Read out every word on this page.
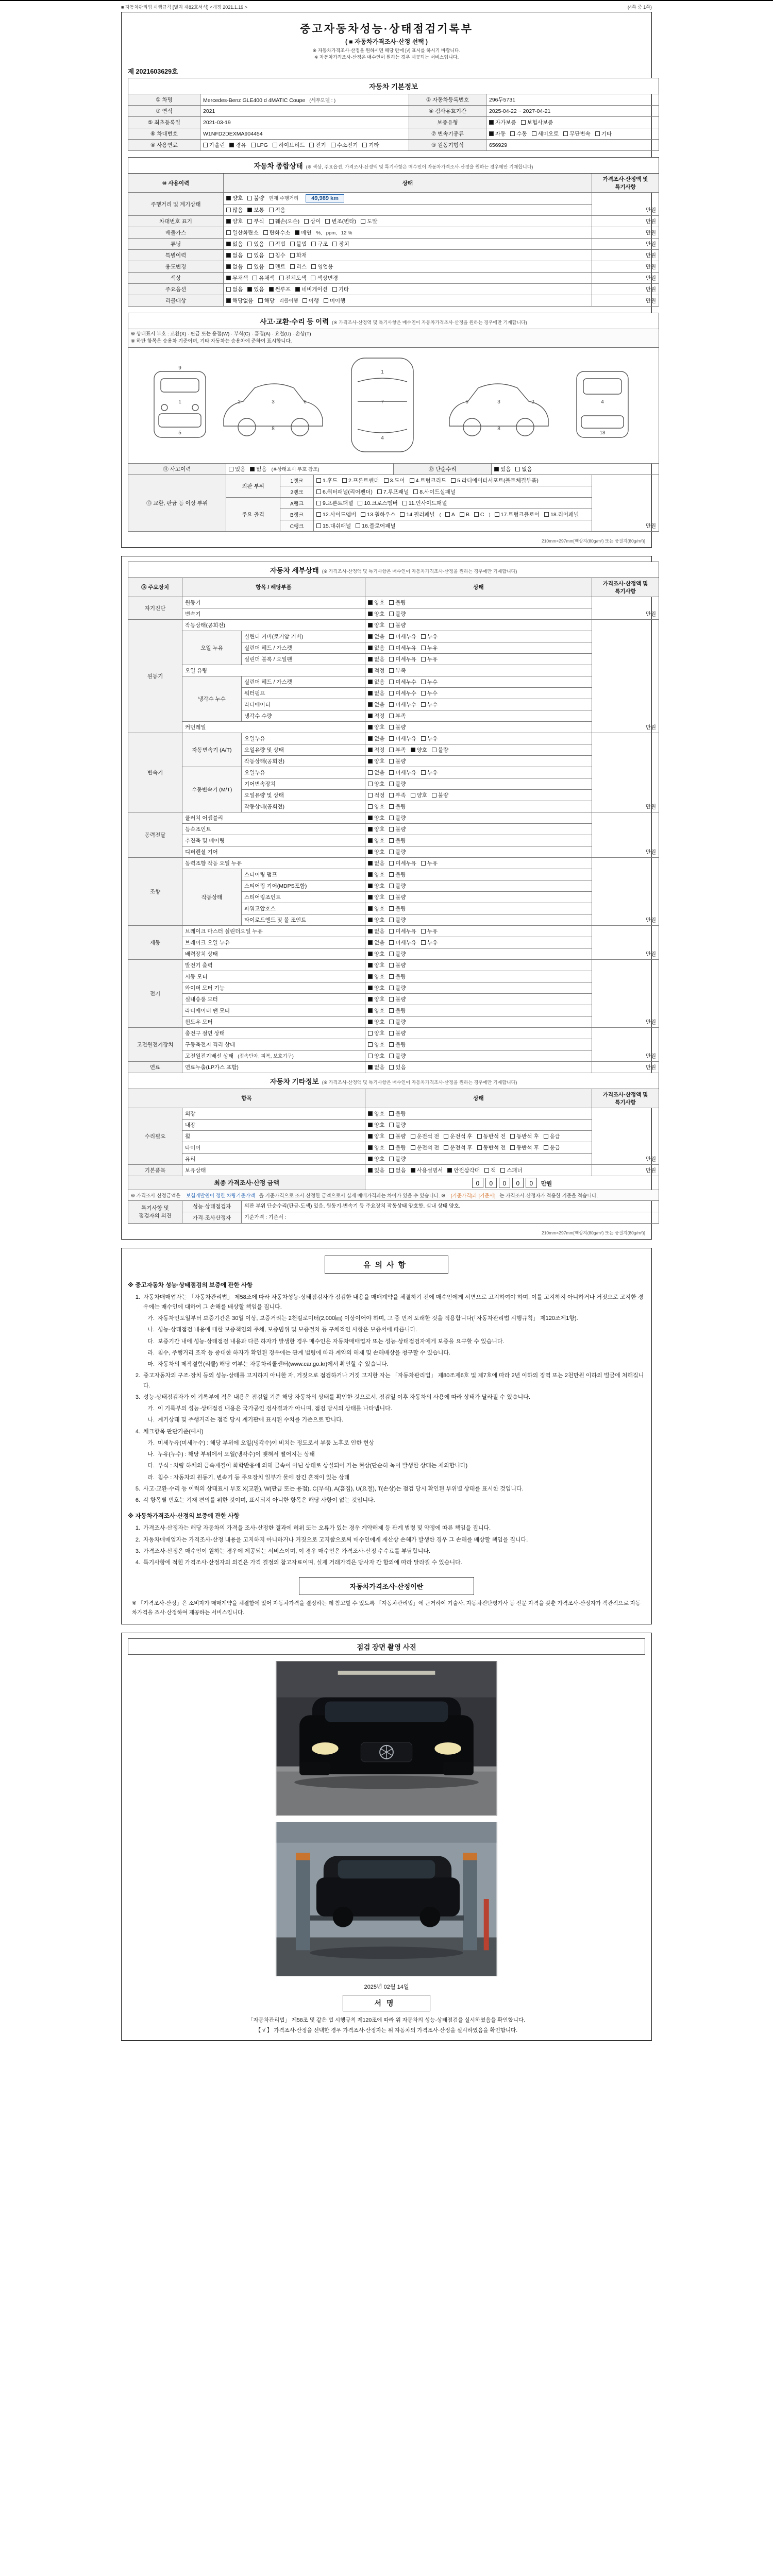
■ 자동차관리법 시행규칙 [별지 제82호서식] <개정 2021.1.19.>	(4쪽 중 1쪽)
중고자동차성능·상태점검기록부
( ■ 자동차가격조사·산정 선택 )
※ 자동차가격조사·산정을 원하시면 해당 란에 [√] 표시를 하시기 바랍니다.
※ 자동차가격조사·산정은 매수인이 원하는 경우 제공되는 서비스입니다.
제 2021603629호
자동차 기본정보			
① 차명	Mercedes-Benz GLE400 d 4MATIC Coupe (세부모델 : )	② 자동차등록번호	296두5731
③ 연식	2021	④ 검사유효기간	2025-04-22 ~ 2027-04-21
⑤ 최초등록일	2021-03-19	보증유형	자가보증 보험사보증
⑥ 차대번호	W1NFD2DEXMA904454	⑦ 변속기종류	자동 수동 세미오토 무단변속 기타
⑧ 사용연료	가솔린 경유 LPG 하이브리드 전기 수소전기 기타	⑨ 원동기형식	656929
자동차 종합상태 (※ 색상, 주요옵션, 가격조사·산정액 및 특기사항은 매수인이 자동차가격조사·산정을 원하는 경우에만 기재합니다)		
⑩ 사용이력	상태	가격조사·산정액 및 특기사항
주행거리 및 계기상태	양호 불량 현재 주행거리 49,989 km	만원
	많음 보통 적음	
차대번호 표기	양호 부식 훼손(오손) 상이 변조(변타) 도말	만원
배출가스	일산화탄소 탄화수소 매연 %, ppm, 12 %	만원
튜닝	없음 있음 적법 불법 구조 장치	만원
특별이력	없음 있음 침수 화재	만원
용도변경	없음 있음 렌트 리스 영업용	만원
색상	무채색 유채색 전체도색 색상변경	만원
주요옵션	없음 있음 썬루프 네비게이션 기타	만원
리콜대상	해당없음 해당 리콜이행 이행 미이행	만원
사고·교환·수리 등 이력 (※ 가격조사·산정액 및 특기사항은 매수인이 자동차가격조사·산정을 원하는 경우에만 기재합니다)

※ 상태표시 부호 : 교환(X) · 판금 또는 용접(W) · 부식(C) · 흠집(A) · 요철(U) · 손상(T)
※ 하단 항목은 승용차 기준이며, 기타 자동차는 승용차에 준하여 표시합니다.

9
1
5
2	3	6
8
1
7
4
2
3
6
8
4
18

⑪ 사고이력	있음 없음 (※상태표시 부호 참조)	⑫ 단순수리	있음 없음
⑬ 교환, 판금 등 이상 부위	외판 부위	1랭크	1.후드 2.프론트펜더 3.도어 4.트렁크리드 5.라디에이터서포트(볼트체결부품)	만원
		2랭크	6.쿼터패널(리어펜더) 7.루프패널 8.사이드실패널	
	주요 골격	A랭크	9.프론트패널 10.크로스멤버 11.인사이드패널	
		B랭크	12.사이드멤버 13.휠하우스 14.필러패널 ( A B C ) 17.트렁크플로어 18.리어패널	
		C랭크	15.대쉬패널 16.플로어패널	
210mm×297mm[백상지(80g/m²) 또는 중질지(80g/m²)]
자동차 세부상태 (※ 가격조사·산정액 및 특기사항은 매수인이 자동차가격조사·산정을 원하는 경우에만 기재합니다)				
⑭ 주요장치	항목 / 해당부품		상태	가격조사·산정액 및 특기사항
자기진단	원동기		양호 불량	만원
	변속기		양호 불량	
원동기	작동상태(공회전)		양호 불량	만원
	오일 누유	실린더 커버(로커암 커버)	없음 미세누유 누유	
		실린더 헤드 / 가스켓	없음 미세누유 누유	
		실린더 블록 / 오일팬	없음 미세누유 누유	
	오일 유량		적정 부족	
	냉각수 누수	실린더 헤드 / 가스켓	없음 미세누수 누수	
		워터펌프	없음 미세누수 누수	
		라디에이터	없음 미세누수 누수	
		냉각수 수량	적정 부족	
	커먼레일		양호 불량	
변속기	자동변속기 (A/T)	오일누유	없음 미세누유 누유	만원
		오일유량 및 상태	적정 부족 양호 불량	
		작동상태(공회전)	양호 불량	
	수동변속기 (M/T)	오일누유	없음 미세누유 누유	
		기어변속장치	양호 불량	
		오일유량 및 상태	적정 부족 양호 불량	
		작동상태(공회전)	양호 불량	
동력전달	클러치 어셈블리		양호 불량	만원
	등속조인트		양호 불량	
	추진축 및 베어링		양호 불량	
	디퍼렌셜 기어		양호 불량	
조향	동력조향 작동 오일 누유		없음 미세누유 누유	만원
	작동상태	스티어링 펌프	양호 불량	
		스티어링 기어(MDPS포함)	양호 불량	
		스티어링조인트	양호 불량	
		파워고압호스	양호 불량	
		타이로드엔드 및 볼 조인트	양호 불량	
제동	브레이크 마스터 실린더오일 누유		없음 미세누유 누유	만원
	브레이크 오일 누유		없음 미세누유 누유	
	배력장치 상태		양호 불량	
전기	발전기 출력		양호 불량	만원
	시동 모터		양호 불량	
	와이퍼 모터 기능		양호 불량	
	실내송풍 모터		양호 불량	
	라디에이터 팬 모터		양호 불량	
	윈도우 모터		양호 불량	
고전원전기장치	충전구 절연 상태		양호 불량	만원
	구동축전지 격리 상태		양호 불량	
	고전원전기배선 상태 (접속단자, 피복, 보호기구)		양호 불량	
연료	연료누출(LP가스 포함)		없음 있음	만원
자동차 기타정보 (※ 가격조사·산정액 및 특기사항은 매수인이 자동차가격조사·산정을 원하는 경우에만 기재합니다)				
항목			상태	가격조사·산정액 및 특기사항
수리필요	외장		양호 불량	만원
	내장		양호 불량	
	휠		양호 불량 운전석 전 운전석 후 동반석 전 동반석 후 응급	
	타이어		양호 불량 운전석 전 운전석 후 동반석 전 동반석 후 응급	
	유리		양호 불량	
기본품목	보유상태		있음 없음 사용설명서 안전삼각대 잭 스패너	만원
최종 가격조사·산정 금액			0 0 0 0 0 만원	
※ 가격조사·산정금액은 보험개발원이 정한 차량기준가액 을 기준가격으로 조사·산정한 금액으로서 실제 매매가격과는 차이가 있을 수 있습니다. ※ [기준가격]과 [기준서] 는 가격조사·산정자가 적용한 기준을 적습니다.				
특기사항 및 점검자의 의견	성능·상태점검자	외판 부위 단순수리(판금·도색) 있음. 원동기·변속기 등 주요장치 작동상태 양호함. 실내 상태 양호.		
	가격·조사산정자	기준가격 : 기준서 :		
210mm×297mm[백상지(80g/m²) 또는 중질지(80g/m²)]
유의사항
※ 중고자동차 성능·상태점검의 보증에 관한 사항
1. 자동차매매업자는 「자동차관리법」 제58조에 따라 자동차성능·상태점검자가 점검한 내용을 매매계약을 체결하기 전에 매수인에게 서면으로 고지하여야 하며, 이를 고지하지 아니하거나 거짓으로 고지한 경우에는 매수인에 대하여 그 손해를 배상할 책임을 집니다.
가. 자동차인도일부터 보증기간은 30일 이상, 보증거리는 2천킬로미터(2,000㎞) 이상이어야 하며, 그 중 먼저 도래한 것을 적용합니다(「자동차관리법 시행규칙」 제120조제1항).
나. 성능·상태점검 내용에 대한 보증책임의 주체, 보증범위 및 보증절차 등 구체적인 사항은 보증서에 따릅니다.
다. 보증기간 내에 성능·상태점검 내용과 다른 하자가 발생한 경우 매수인은 자동차매매업자 또는 성능·상태점검자에게 보증을 요구할 수 있습니다.
라. 침수, 주행거리 조작 등 중대한 하자가 확인된 경우에는 관계 법령에 따라 계약의 해제 및 손해배상을 청구할 수 있습니다.
마. 자동차의 제작결함(리콜) 해당 여부는 자동차리콜센터(www.car.go.kr)에서 확인할 수 있습니다.
2. 중고자동차의 구조·장치 등의 성능·상태를 고지하지 아니한 자, 거짓으로 점검하거나 거짓 고지한 자는 「자동차관리법」 제80조제6호 및 제7호에 따라 2년 이하의 징역 또는 2천만원 이하의 벌금에 처해집니다.
3. 성능·상태점검자가 이 기록부에 적은 내용은 점검일 기준 해당 자동차의 상태를 확인한 것으로서, 점검일 이후 자동차의 사용에 따라 상태가 달라질 수 있습니다.
가. 이 기록부의 성능·상태점검 내용은 국가공인 검사결과가 아니며, 점검 당시의 상태를 나타냅니다.
나. 계기상태 및 주행거리는 점검 당시 계기판에 표시된 수치를 기준으로 합니다.
4. 체크항목 판단기준(예시)
가. 미세누유(미세누수) : 해당 부위에 오일(냉각수)이 비치는 정도로서 부품 노후로 인한 현상
나. 누유(누수) : 해당 부위에서 오일(냉각수)이 맺혀서 떨어지는 상태
다. 부식 : 차량 하체의 금속재질이 화학반응에 의해 금속이 아닌 상태로 상실되어 가는 현상(단순히 녹이 발생한 상태는 제외합니다)
라. 침수 : 자동차의 원동기, 변속기 등 주요장치 일부가 물에 잠긴 흔적이 있는 상태
5. 사고·교환·수리 등 이력의 상태표시 부호 X(교환), W(판금 또는 용접), C(부식), A(흠집), U(요철), T(손상)는 점검 당시 확인된 부위별 상태를 표시한 것입니다.
6. 각 항목별 번호는 기재 편의를 위한 것이며, 표시되지 아니한 항목은 해당 사항이 없는 것입니다.
※ 자동차가격조사·산정의 보증에 관한 사항
1. 가격조사·산정자는 해당 자동차의 가격을 조사·산정한 결과에 허위 또는 오류가 있는 경우 계약해제 등 관계 법령 및 약정에 따른 책임을 집니다.
2. 자동차매매업자는 가격조사·산정 내용을 고지하지 아니하거나 거짓으로 고지함으로써 매수인에게 재산상 손해가 발생한 경우 그 손해를 배상할 책임을 집니다.
3. 가격조사·산정은 매수인이 원하는 경우에 제공되는 서비스이며, 이 경우 매수인은 가격조사·산정 수수료를 부담합니다.
4. 특기사항에 적힌 가격조사·산정자의 의견은 가격 결정의 참고자료이며, 실제 거래가격은 당사자 간 합의에 따라 달라질 수 있습니다.
자동차가격조사·산정이란
※ 「가격조사·산정」은 소비자가 매매계약을 체결함에 있어 자동차가격을 결정하는 데 참고할 수 있도록 「자동차관리법」에 근거하여 기술사, 자동차진단평가사 등 전문 자격을 갖춘 가격조사·산정자가 객관적으로 자동차가격을 조사·산정하여 제공하는 서비스입니다.
점검 장면 촬영 사진
2025년 02월 14일
서명
「자동차관리법」 제58조 및 같은 법 시행규칙 제120조에 따라 위 자동차의 성능·상태점검을 실시하였음을 확인합니다.
【 √ 】 가격조사·산정을 선택한 경우 가격조사·산정자는 위 자동차의 가격조사·산정을 실시하였음을 확인합니다.
